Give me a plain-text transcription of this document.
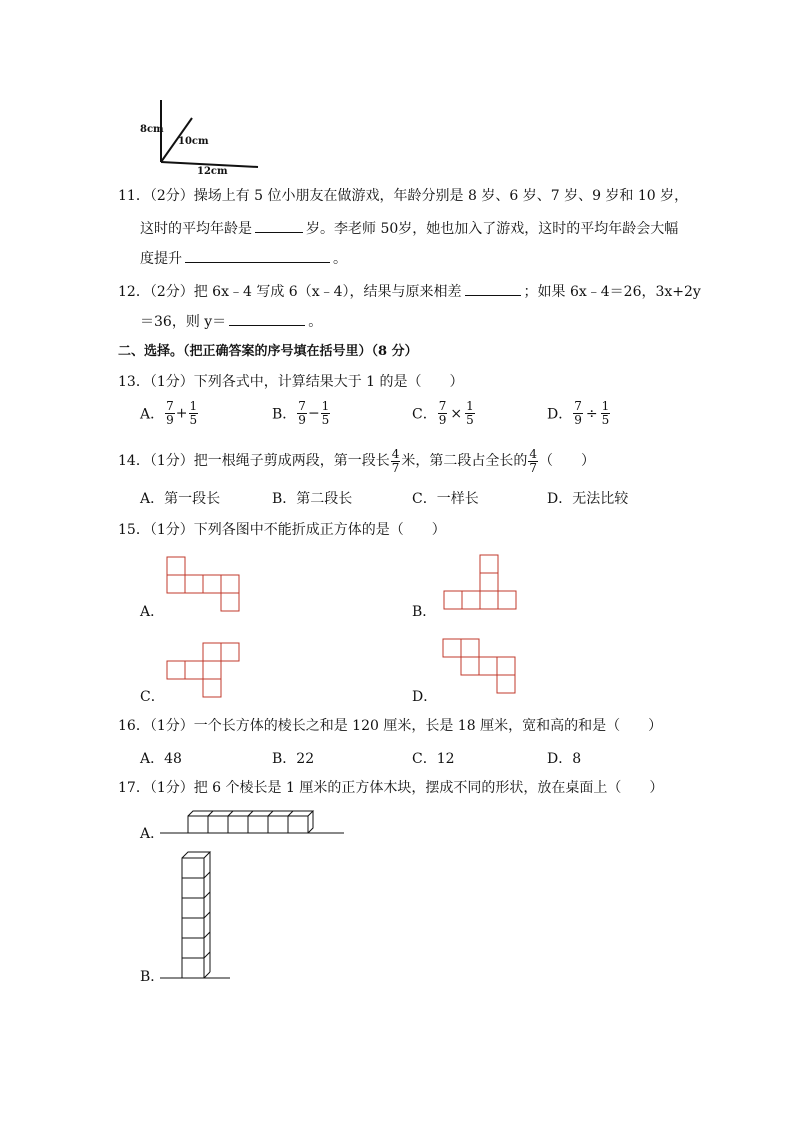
8cm
10cm
12cm
11．（2分）操场上有 5 位小朋友在做游戏，年龄分别是 8 岁、6 岁、7 岁、9 岁和 10 岁，
这时的平均年龄是	岁。李老师 50岁，她也加入了游戏，这时的平均年龄会大幅
度提升	。
12．（2分）把 6x﹣4 写成 6（x﹣4），结果与原来相差	；如果 6x﹣4＝26，3x+2y
＝36，则 y＝	。
二、选择。（把正确答案的序号填在括号里）（8 分）
13．（1分）下列各式中，计算结果大于 1 的是（　　）
A． $\frac{7}{9} + \frac{1}{5}$	B． $\frac{7}{9} - \frac{1}{5}$	C． $\frac{7}{9} \times \frac{1}{5}$	D． $\frac{7}{9} \div \frac{1}{5}$
14．（1分）把一根绳子剪成两段，第一段长 $\frac{4}{7}$ 米，第二段占全长的 $\frac{4}{7}$ （　　）
A．第一段长	B．第二段长	C．一样长	D．无法比较
15．（1分）下列各图中不能折成正方体的是（　　）
A．	B．
C．	D．
16．（1分）一个长方体的棱长之和是 120 厘米，长是 18 厘米，宽和高的和是（　　）
A．48	B．22	C．12	D．8
17．（1分）把 6 个棱长是 1 厘米的正方体木块，摆成不同的形状，放在桌面上（　　）
A．
B．
